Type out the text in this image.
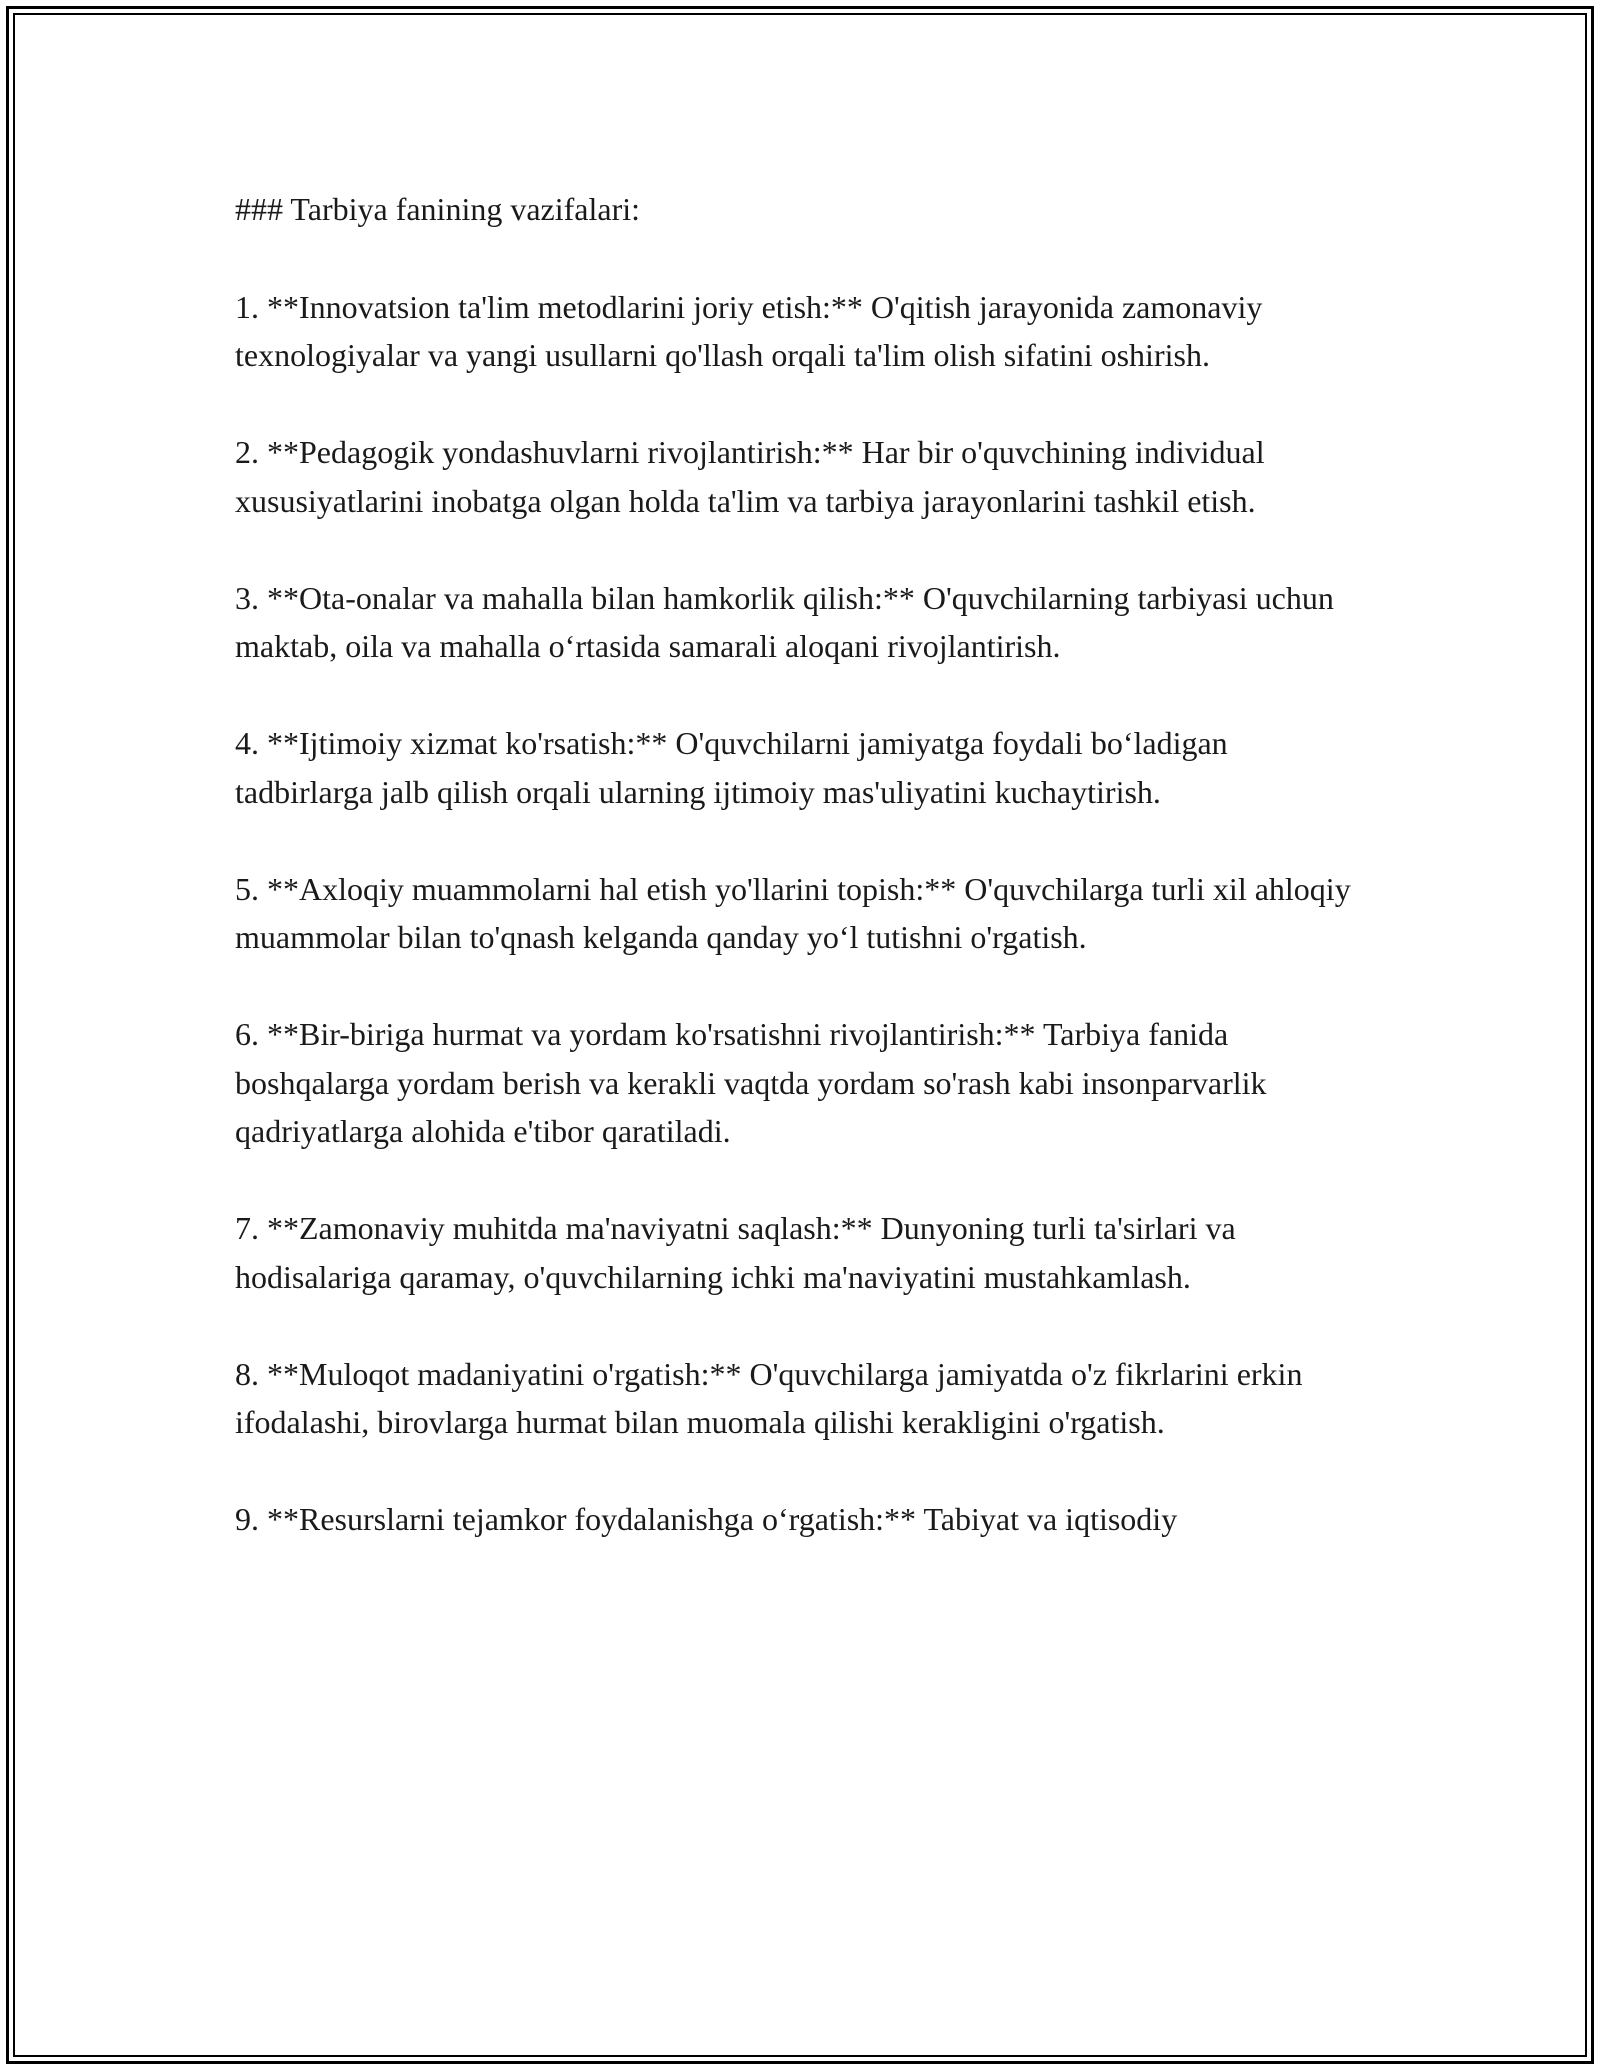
### Tarbiya fanining vazifalari:

1. **Innovatsion ta'lim metodlarini joriy etish:** O'qitish jarayonida zamonaviy texnologiyalar va yangi usullarni qo'llash orqali ta'lim olish sifatini oshirish.

2. **Pedagogik yondashuvlarni rivojlantirish:** Har bir o'quvchining individual xususiyatlarini inobatga olgan holda ta'lim va tarbiya jarayonlarini tashkil etish.

3. **Ota-onalar va mahalla bilan hamkorlik qilish:** O'quvchilarning tarbiyasi uchun maktab, oila va mahalla o‘rtasida samarali aloqani rivojlantirish.

4. **Ijtimoiy xizmat ko'rsatish:** O'quvchilarni jamiyatga foydali bo‘ladigan tadbirlarga jalb qilish orqali ularning ijtimoiy mas'uliyatini kuchaytirish.

5. **Axloqiy muammolarni hal etish yo'llarini topish:** O'quvchilarga turli xil ahloqiy muammolar bilan to'qnash kelganda qanday yo‘l tutishni o'rgatish.

6. **Bir-biriga hurmat va yordam ko'rsatishni rivojlantirish:** Tarbiya fanida boshqalarga yordam berish va kerakli vaqtda yordam so'rash kabi insonparvarlik qadriyatlarga alohida e'tibor qaratiladi.

7. **Zamonaviy muhitda ma'naviyatni saqlash:** Dunyoning turli ta'sirlari va hodisalariga qaramay, o'quvchilarning ichki ma'naviyatini mustahkamlash.

8. **Muloqot madaniyatini o'rgatish:** O'quvchilarga jamiyatda o'z fikrlarini erkin ifodalashi, birovlarga hurmat bilan muomala qilishi kerakligini o'rgatish.

9. **Resurslarni tejamkor foydalanishga o‘rgatish:** Tabiyat va iqtisodiy
